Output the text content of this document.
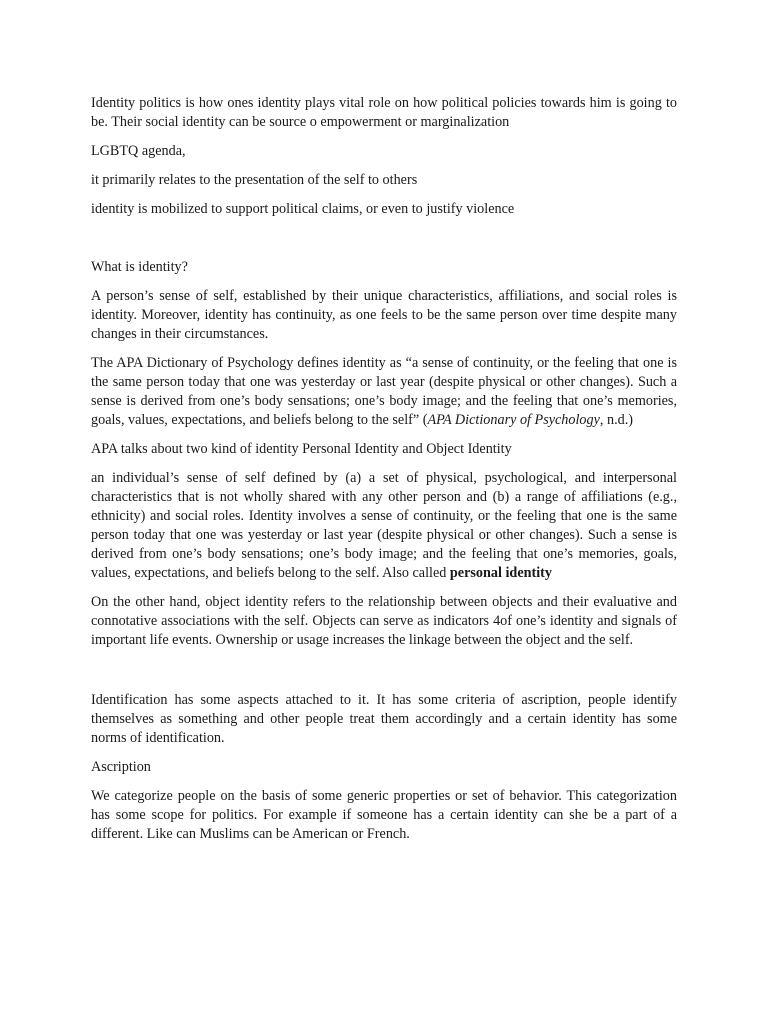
Identity politics is how ones identity plays vital role on how political policies towards him is going to be. Their social identity can be source o empowerment or marginalization

LGBTQ agenda,

it primarily relates to the presentation of the self to others

identity is mobilized to support political claims, or even to justify violence

What is identity?

A person’s sense of self, established by their unique characteristics, affiliations, and social roles is identity. Moreover, identity has continuity, as one feels to be the same person over time despite many changes in their circumstances.

The APA Dictionary of Psychology defines identity as “a sense of continuity, or the feeling that one is the same person today that one was yesterday or last year (despite physical or other changes). Such a sense is derived from one’s body sensations; one’s body image; and the feeling that one’s memories, goals, values, expectations, and beliefs belong to the self” (APA Dictionary of Psychology, n.d.)

APA talks about two kind of identity Personal Identity and Object Identity

an individual’s sense of self defined by (a) a set of physical, psychological, and interpersonal characteristics that is not wholly shared with any other person and (b) a range of affiliations (e.g., ethnicity) and social roles. Identity involves a sense of continuity, or the feeling that one is the same person today that one was yesterday or last year (despite physical or other changes). Such a sense is derived from one’s body sensations; one’s body image; and the feeling that one’s memories, goals, values, expectations, and beliefs belong to the self. Also called personal identity

On the other hand, object identity refers to the relationship between objects and their evaluative and connotative associations with the self. Objects can serve as indicators 4of one’s identity and signals of important life events. Ownership or usage increases the linkage between the object and the self.

Identification has some aspects attached to it. It has some criteria of ascription, people identify themselves as something and other people treat them accordingly and a certain identity has some norms of identification.

Ascription

We categorize people on the basis of some generic properties or set of behavior. This categorization has some scope for politics. For example if someone has a certain identity can she be a part of a different. Like can Muslims can be American or French.
